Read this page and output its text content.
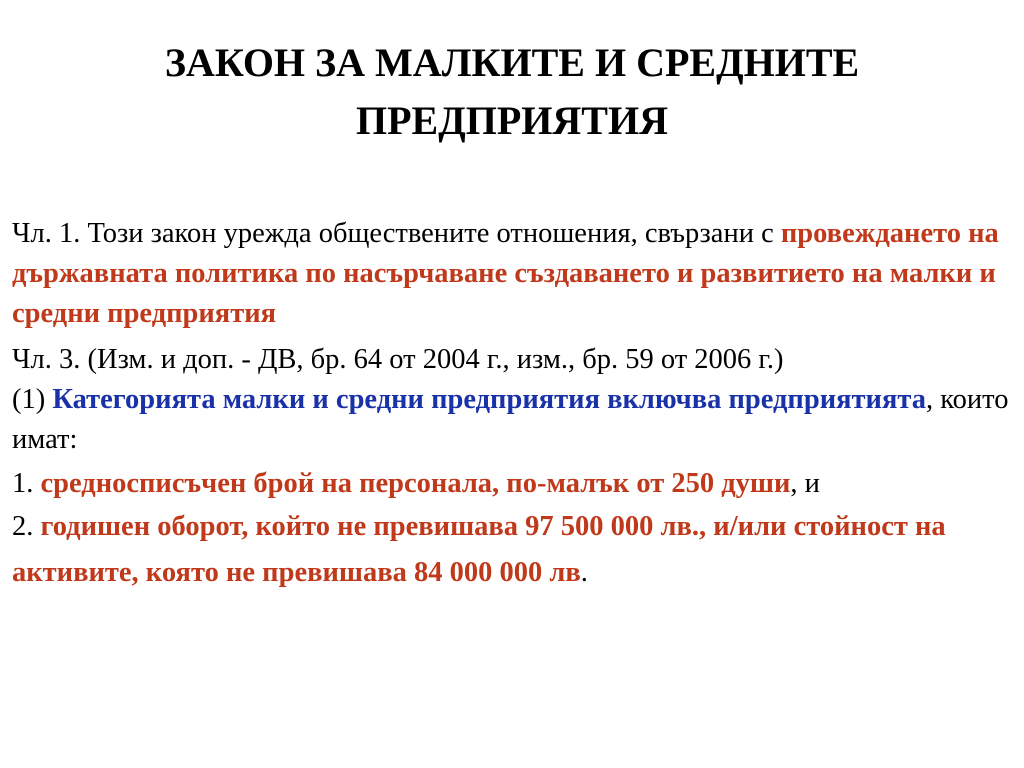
ЗАКОН ЗА МАЛКИТЕ И СРЕДНИТЕ
ПРЕДПРИЯТИЯ

Чл. 1. Този закон урежда обществените отношения, свързани с провеждането на държавната политика по насърчаване създаването и развитието на малки и средни предприятия

Чл. 3. (Изм. и доп. - ДВ, бр. 64 от 2004 г., изм., бр. 59 от 2006 г.)

(1) Категорията малки и средни предприятия включва предприятията, които имат:

1. средносписъчен брой на персонала, по-малък от 250 души, и

2. годишен оборот, който не превишава 97 500 000 лв., и/или стойност на активите, която не превишава 84 000 000 лв.
